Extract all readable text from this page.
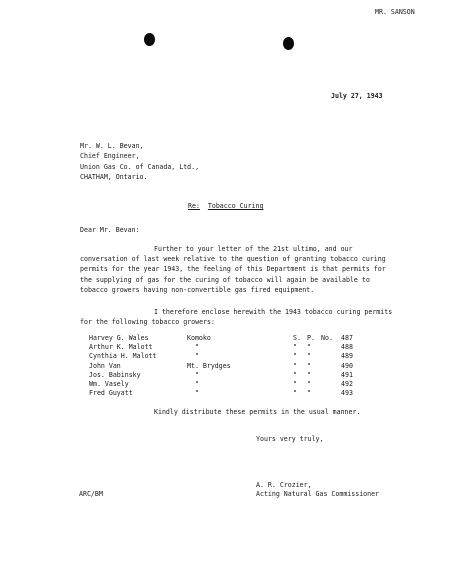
MR. SANSON
July 27, 1943
Mr. W. L. Bevan,
Chief Engineer,
Union Gas Co. of Canada, Ltd.,
CHATHAM, Ontario.
Re: Tobacco Curing
Dear Mr. Bevan:
Further to your letter of the 21st ultimo, and our conversation of last week relative to the question of granting tobacco curing permits for the year 1943, the feeling of this Department is that permits for the supplying of gas for the curing of tobacco will again be available to tobacco growers having non-convertible gas fired equipment.
I therefore enclose herewith the 1943 tobacco curing permits for the following tobacco growers:
Harvey G. Wales	Komoko	S.	P.	No.	487
Arthur K. Malott	"	"	"		488
Cynthia H. Malott	"	"	"		489
John Van	Mt. Brydges	"	"		490
Jos. Babinsky	"	"	"		491
Wm. Vasely	"	"	"		492
Fred Guyatt	"	"	"		493
Kindly distribute these permits in the usual manner.
Yours very truly,
A. R. Crozier,
Acting Natural Gas Commissioner
ARC/BM
